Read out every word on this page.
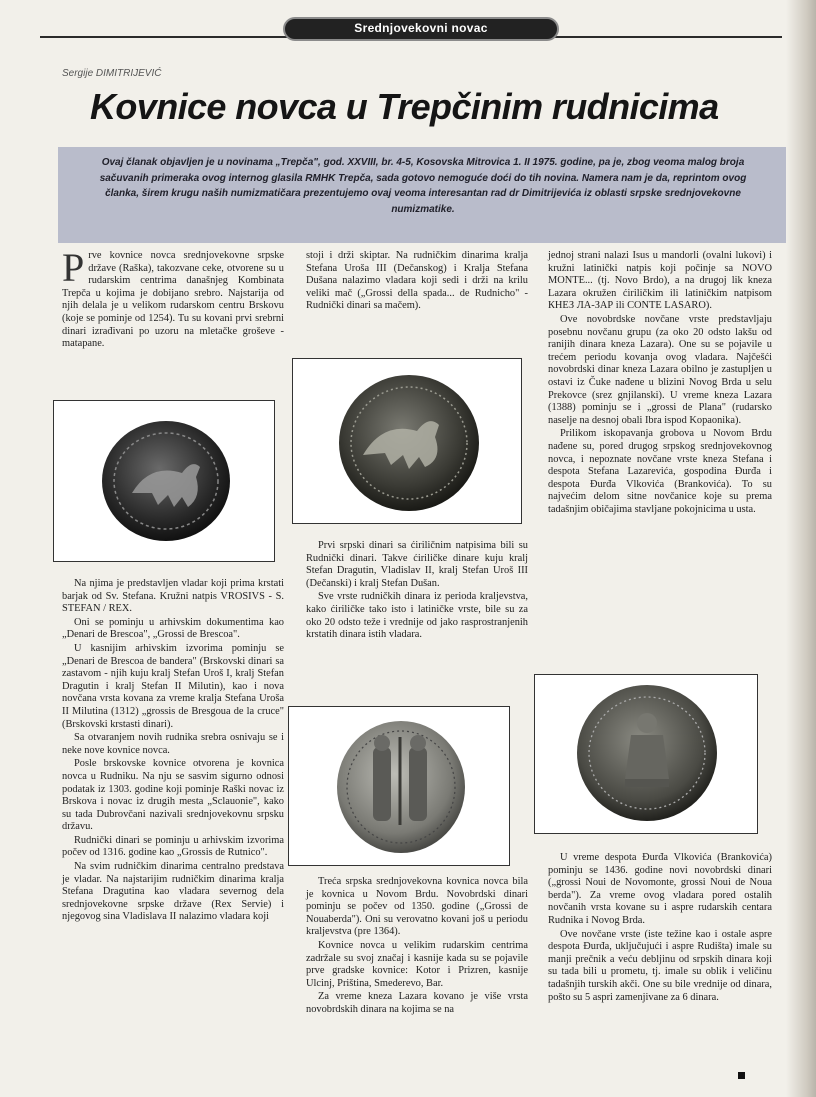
Srednjovekovni novac
Sergije DIMITRIJEVIĆ
Kovnice novca u Trepčinim rudnicima
Ovaj članak objavljen je u novinama „Trepča", god. XXVIII, br. 4-5, Kosovska Mitrovica 1. II 1975. godine, pa je, zbog veoma malog broja sačuvanih primeraka ovog internog glasila RMHK Trepča, sada gotovo nemoguće doći do tih novina. Namera nam je da, reprintom ovog članka, širem krugu naših numizmatičara prezentujemo ovaj veoma interesantan rad dr Dimitrijevića iz oblasti srpske srednjovekovne numizmatike.

Prve kovnice novca srednjovekovne srpske države (Raška), takozvane ceke, otvorene su u rudarskim centrima današnjeg Kombinata Trepča u kojima je dobijano srebro. Najstarija od njih delala je u velikom rudarskom centru Brskovu (koje se pominje od 1254). Tu su kovani prvi srebrni dinari izrađivani po uzoru na mletačke groševe - matapane.

Na njima je predstavljen vladar koji prima krstati barjak od Sv. Stefana. Kružni natpis VROSIVS - S. STEFAN / REX.

Oni se pominju u arhivskim dokumentima kao „Denari de Brescoa", „Grossi de Brescoa".

U kasnijim arhivskim izvorima pominju se „Denari de Brescoa de bandera" (Brskovski dinari sa zastavom - njih kuju kralj Stefan Uroš I, kralj Stefan Dragutin i kralj Stefan II Milutin), kao i nova novčana vrsta kovana za vreme kralja Stefana Uroša II Milutina (1312) „grossis de Bresgoua de la cruce" (Brskovski krstasti dinari).

Sa otvaranjem novih rudnika srebra osnivaju se i neke nove kovnice novca.

Posle brskovske kovnice otvorena je kovnica novca u Rudniku. Na nju se sasvim sigurno odnosi podatak iz 1303. godine koji pominje Raški novac iz Brskova i novac iz drugih mesta „Sclauonie", kako su tada Dubrovčani nazivali srednjovekovnu srpsku državu.

Rudnički dinari se pominju u arhivskim izvorima počev od 1316. godine kao „Grossis de Rutnico".

Na svim rudničkim dinarima centralno predstava je vladar. Na najstarijim rudničkim dinarima kralja Stefana Dragutina kao vladara severnog dela srednjovekovne srpske države (Rex Servie) i njegovog sina Vladislava II nalazimo vladara koji

stoji i drži skiptar. Na rudničkim dinarima kralja Stefana Uroša III (Dečanskog) i Kralja Stefana Dušana nalazimo vladara koji sedi i drži na krilu veliki mač („Grossi della spada... de Rudnicho" - Rudnički dinari sa mačem).

Prvi srpski dinari sa ćiriličnim natpisima bili su Rudnički dinari. Takve ćiriličke dinare kuju kralj Stefan Dragutin, Vladislav II, kralj Stefan Uroš III (Dečanski) i kralj Stefan Dušan.

Sve vrste rudničkih dinara iz perioda kraljevstva, kako ćiriličke tako isto i latiničke vrste, bile su za oko 20 odsto teže i vrednije od jako rasprostranjenih krstatih dinara istih vladara.

Treća srpska srednjovekovna kovnica novca bila je kovnica u Novom Brdu. Novobrdski dinari pominju se počev od 1350. godine („Grossi de Nouaberda"). Oni su verovatno kovani još u periodu kraljevstva (pre 1364).

Kovnice novca u velikim rudarskim centrima zadržale su svoj značaj i kasnije kada su se pojavile prve gradske kovnice: Kotor i Prizren, kasnije Ulcinj, Priština, Smederevo, Bar.

Za vreme kneza Lazara kovano je više vrsta novobrdskih dinara na kojima se na

jednoj strani nalazi Isus u mandorli (ovalni lukovi) i kružni latinički natpis koji počinje sa NOVO MONTE... (tj. Novo Brdo), a na drugoj lik kneza Lazara okružen ćiriličkim ili latiničkim natpisom КНЕЗ ЛА-ЗАР ili CONTE LASARO).

Ove novobrdske novčane vrste predstavljaju posebnu novčanu grupu (za oko 20 odsto lakšu od ranijih dinara kneza Lazara). One su se pojavile u trećem periodu kovanja ovog vladara. Najčešći novobrdski dinar kneza Lazara obilno je zastupljen u ostavi iz Čuke nađene u blizini Novog Brda u selu Prekovce (srez gnjilanski). U vreme kneza Lazara (1388) pominju se i „grossi de Plana" (rudarsko naselje na desnoj obali Ibra ispod Kopaonika).

Prilikom iskopavanja grobova u Novom Brdu nađene su, pored drugog srpskog srednjovekovnog novca, i nepoznate novčane vrste kneza Stefana i despota Stefana Lazarevića, gospodina Đurđa i despota Đurđa Vlkovića (Brankovića). To su najvećim delom sitne novčanice koje su prema tadašnjim običajima stavljane pokojnicima u usta.

U vreme despota Đurđa Vlkovića (Brankovića) pominju se 1436. godine novi novobrdski dinari („grossi Noui de Novomonte, grossi Noui de Noua berda"). Za vreme ovog vladara pored ostalih novčanih vrsta kovane su i aspre rudarskih centara Rudnika i Novog Brda.

Ove novčane vrste (iste težine kao i ostale aspre despota Đurđa, uključujući i aspre Rudišta) imale su manji prečnik a veću debljinu od srpskih dinara koji su tada bili u prometu, tj. imale su oblik i veličinu tadašnjih turskih akči. One su bile vrednije od dinara, pošto su 5 aspri zamenjivane za 6 dinara.
